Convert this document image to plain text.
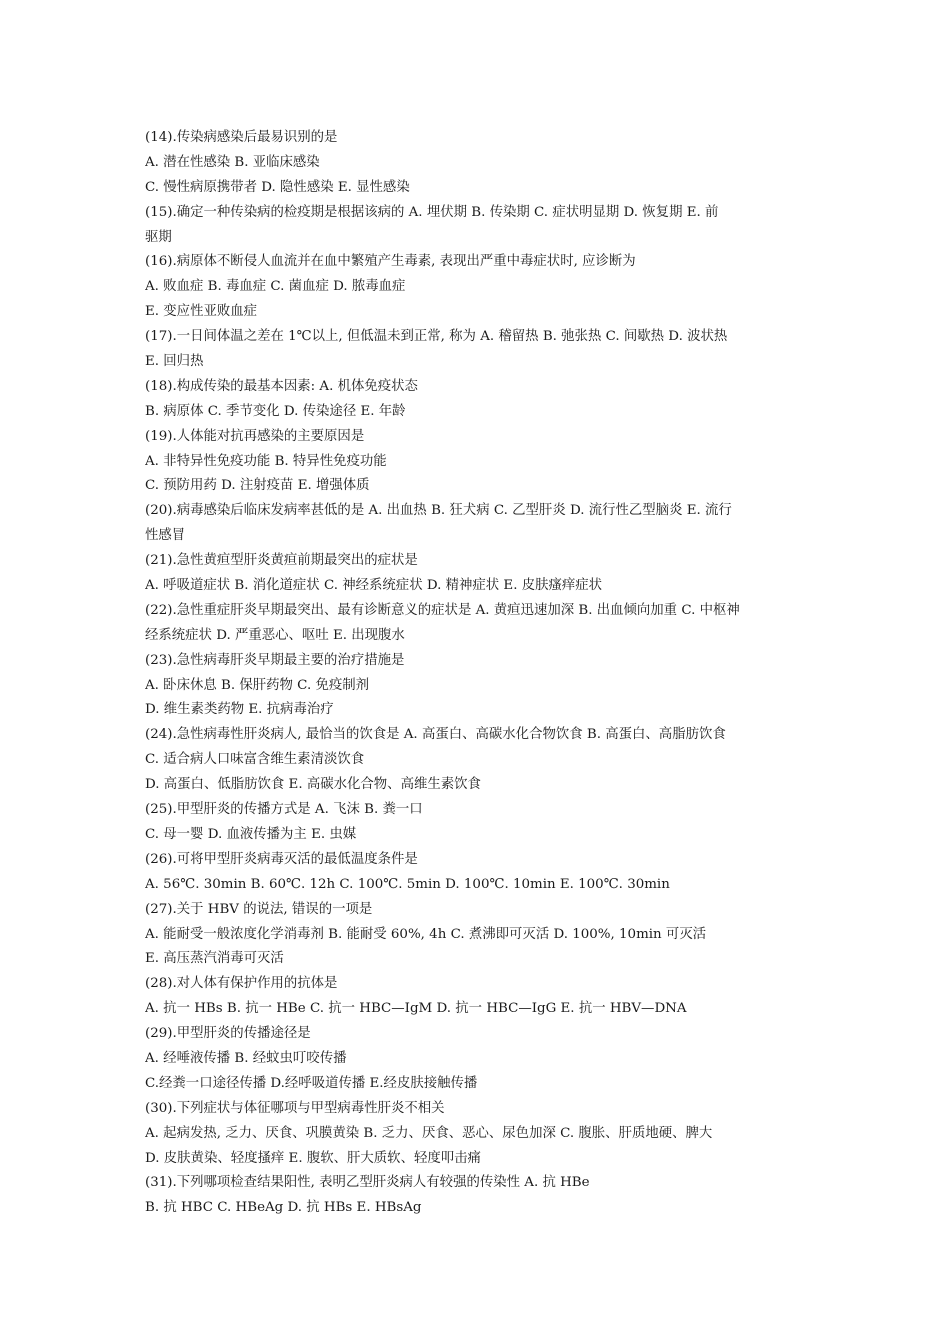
(14).传染病感染后最易识别的是
A. 潜在性感染 B. 亚临床感染
C. 慢性病原携带者 D. 隐性感染 E. 显性感染
(15).确定一种传染病的检疫期是根据该病的 A. 埋伏期 B. 传染期 C. 症状明显期 D. 恢复期 E. 前
驱期
(16).病原体不断侵人血流并在血中繁殖产生毒素, 表现出严重中毒症状时, 应诊断为
A. 败血症 B. 毒血症 C. 菌血症 D. 脓毒血症
E. 变应性亚败血症
(17).一日间体温之差在 1℃以上, 但低温未到正常, 称为 A. 稽留热 B. 弛张热 C. 间歇热 D. 波状热
E. 回归热
(18).构成传染的最基本因素: A. 机体免疫状态
B. 病原体 C. 季节变化 D. 传染途径 E. 年龄
(19).人体能对抗再感染的主要原因是
A. 非特异性免疫功能 B. 特异性免疫功能
C. 预防用药 D. 注射疫苗 E. 增强体质
(20).病毒感染后临床发病率甚低的是 A. 出血热 B. 狂犬病 C. 乙型肝炎 D. 流行性乙型脑炎 E. 流行
性感冒
(21).急性黄疸型肝炎黄疸前期最突出的症状是
A. 呼吸道症状 B. 消化道症状 C. 神经系统症状 D. 精神症状 E. 皮肤瘙痒症状
(22).急性重症肝炎早期最突出、最有诊断意义的症状是 A. 黄疸迅速加深 B. 出血倾向加重 C. 中枢神
经系统症状 D. 严重恶心、呕吐 E. 出现腹水
(23).急性病毒肝炎早期最主要的治疗措施是
A. 卧床休息 B. 保肝药物 C. 免疫制剂
D. 维生素类药物 E. 抗病毒治疗
(24).急性病毒性肝炎病人, 最恰当的饮食是 A. 高蛋白、高碳水化合物饮食 B. 高蛋白、高脂肪饮食
C. 适合病人口味富含维生素清淡饮食
D. 高蛋白、低脂肪饮食 E. 高碳水化合物、高维生素饮食
(25).甲型肝炎的传播方式是 A. 飞沫 B. 粪一口
C. 母一婴 D. 血液传播为主 E. 虫媒
(26).可将甲型肝炎病毒灭活的最低温度条件是
A. 56℃. 30min B. 60℃. 12h C. 100℃. 5min D. 100℃. 10min E. 100℃. 30min
(27).关于 HBV 的说法, 错误的一项是
A. 能耐受一般浓度化学消毒剂 B. 能耐受 60%, 4h C. 煮沸即可灭活 D. 100%, 10min 可灭活
E. 高压蒸汽消毒可灭活
(28).对人体有保护作用的抗体是
A. 抗一 HBs B. 抗一 HBe C. 抗一 HBC—IgM D. 抗一 HBC—IgG E. 抗一 HBV—DNA
(29).甲型肝炎的传播途径是
A. 经唾液传播 B. 经蚊虫叮咬传播
C.经粪一口途径传播 D.经呼吸道传播 E.经皮肤接触传播
(30).下列症状与体征哪项与甲型病毒性肝炎不相关
A. 起病发热, 乏力、厌食、巩膜黄染 B. 乏力、厌食、恶心、尿色加深 C. 腹胀、肝质地硬、脾大
D. 皮肤黄染、轻度搔痒 E. 腹软、肝大质软、轻度叩击痛
(31).下列哪项检查结果阳性, 表明乙型肝炎病人有较强的传染性 A. 抗 HBe
B. 抗 HBC C. HBeAg D. 抗 HBs E. HBsAg
